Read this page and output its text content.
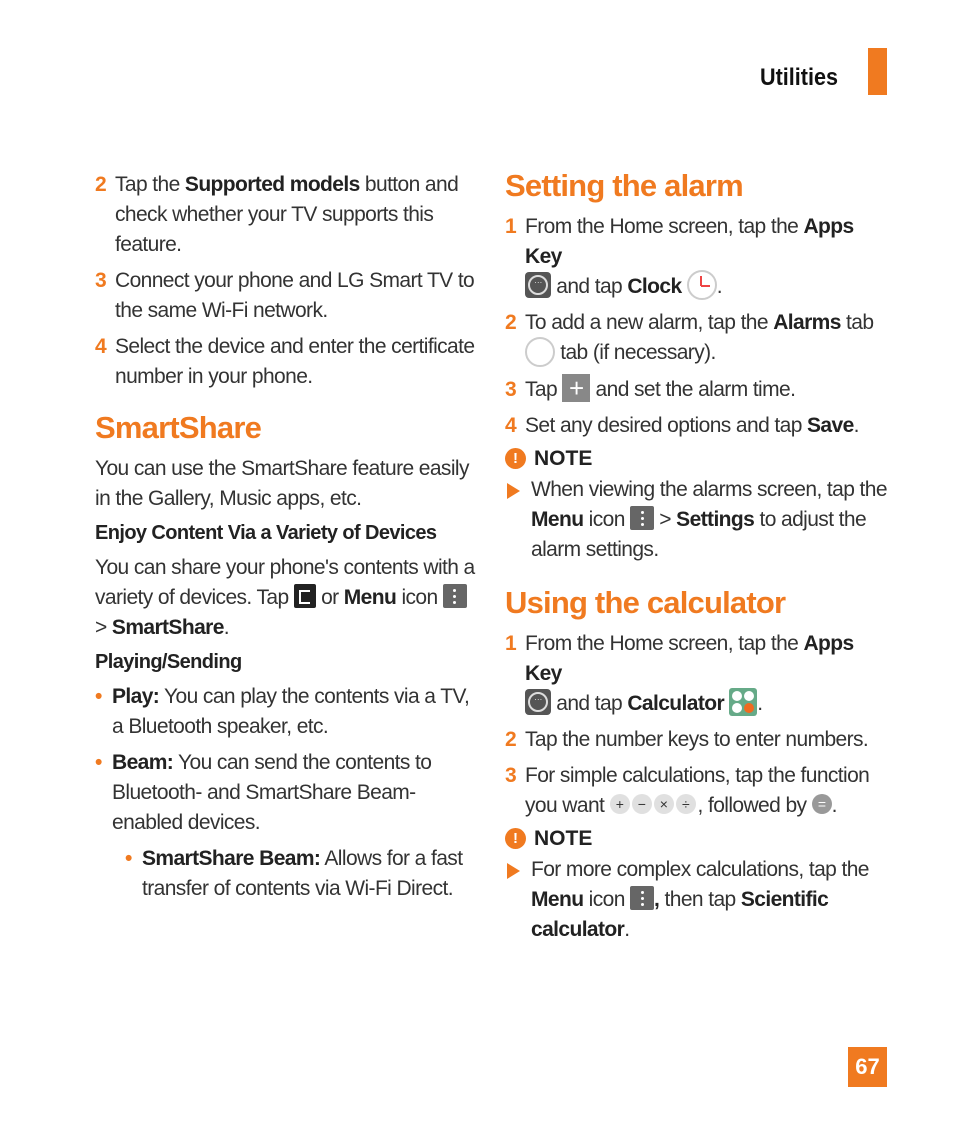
Utilities
2 Tap the Supported models button and check whether your TV supports this feature.
3 Connect your phone and LG Smart TV to the same Wi-Fi network.
4 Select the device and enter the certificate number in your phone.
SmartShare
You can use the SmartShare feature easily in the Gallery, Music apps, etc.
Enjoy Content Via a Variety of Devices
You can share your phone's contents with a variety of devices. Tap  or Menu icon
> SmartShare.
Playing/Sending
• Play: You can play the contents via a TV, a Bluetooth speaker, etc.
• Beam: You can send the contents to Bluetooth- and SmartShare Beam-enabled devices.
• SmartShare Beam: Allows for a fast transfer of contents via Wi-Fi Direct.
Setting the alarm
1 From the Home screen, tap the Apps Key

⋯ and tap Clock .
2 To add a new alarm, tap the Alarms tab  tab (if necessary).
3 Tap + and set the alarm time.
4 Set any desired options and tap Save.
! NOTE
When viewing the alarms screen, tap the Menu icon
> Settings to adjust the alarm settings.
Using the calculator
1 From the Home screen, tap the Apps Key

⋯ and tap Calculator .
2 Tap the number keys to enter numbers.
3 For simple calculations, tap the function you want + − × ÷ , followed by = .
! NOTE
For more complex calculations, tap the Menu icon
, then tap Scientific calculator.
67
